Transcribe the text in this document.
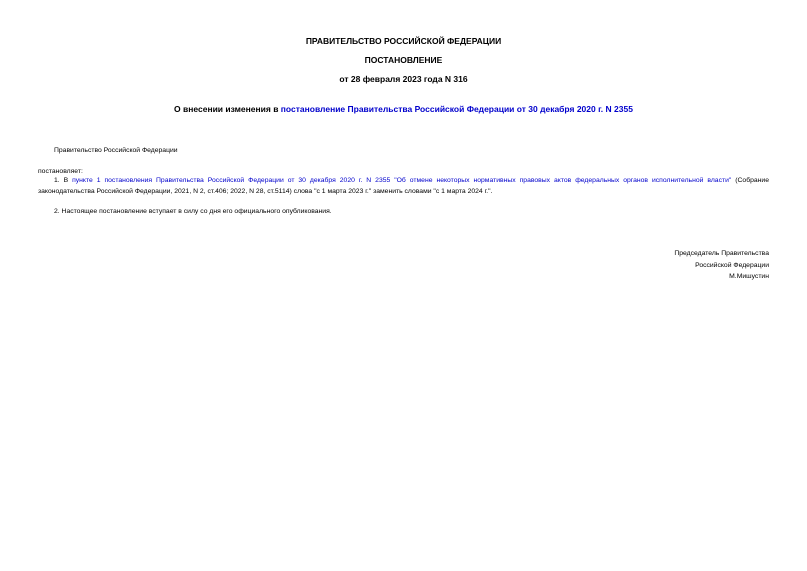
ПРАВИТЕЛЬСТВО РОССИЙСКОЙ ФЕДЕРАЦИИ
ПОСТАНОВЛЕНИЕ
от 28 февраля 2023 года N 316
О внесении изменения в постановление Правительства Российской Федерации от 30 декабря 2020 г. N 2355
Правительство Российской Федерации
постановляет:
1. В пункте 1 постановления Правительства Российской Федерации от 30 декабря 2020 г. N 2355 "Об отмене некоторых нормативных правовых актов федеральных органов исполнительной власти" (Собрание законодательства Российской Федерации, 2021, N 2, ст.406; 2022, N 28, ст.5114) слова "с 1 марта 2023 г." заменить словами "с 1 марта 2024 г.".
2. Настоящее постановление вступает в силу со дня его официального опубликования.
Председатель Правительства
Российской Федерации
М.Мишустин
